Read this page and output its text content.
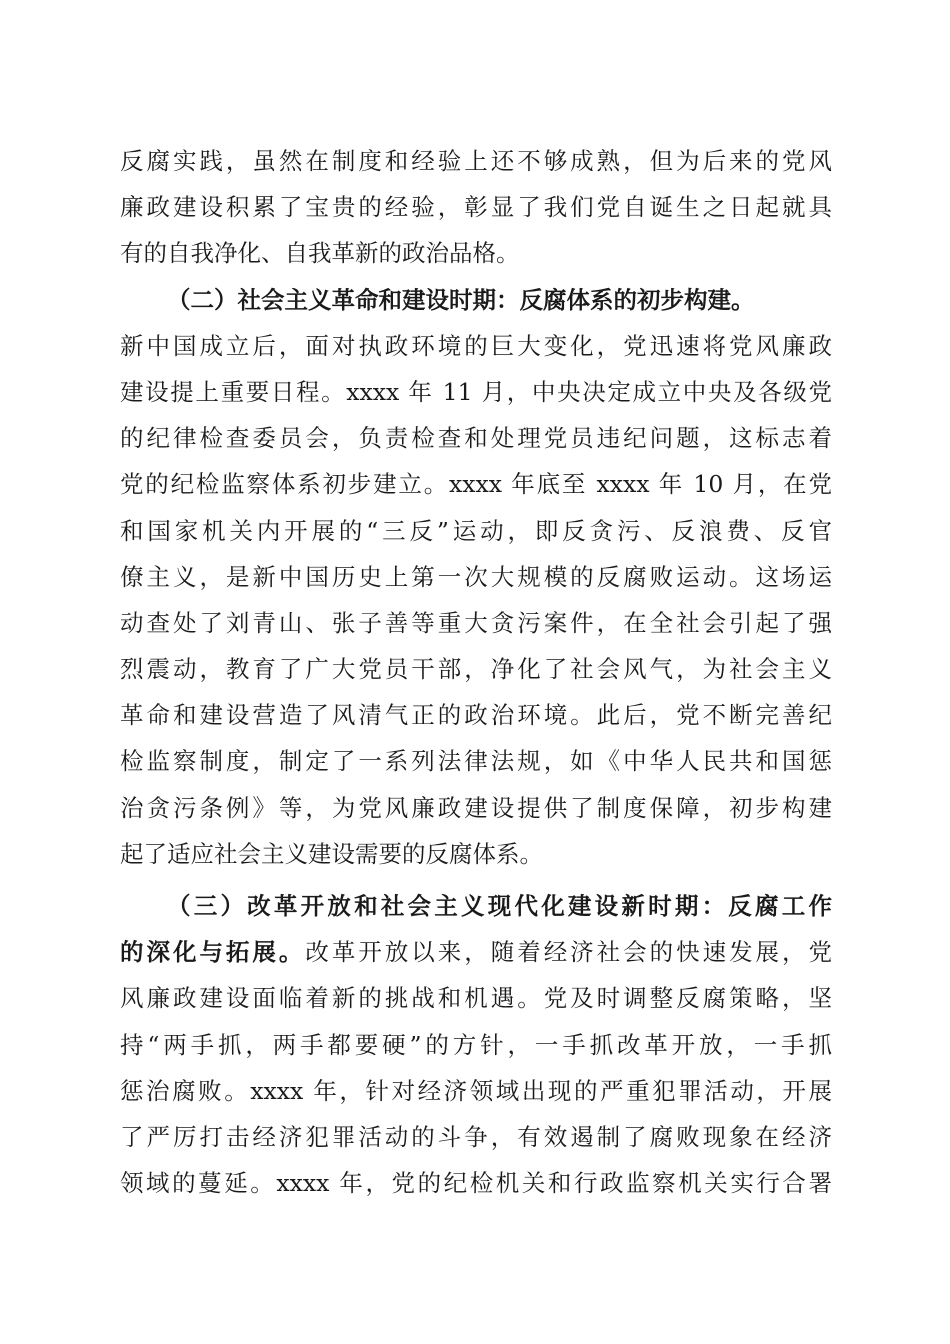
反腐实践，虽然在制度和经验上还不够成熟，但为后来的党风
廉政建设积累了宝贵的经验，彰显了我们党自诞生之日起就具
有的自我净化、自我革新的政治品格。
（二）社会主义革命和建设时期：反腐体系的初步构建。
新中国成立后，面对执政环境的巨大变化，党迅速将党风廉政
建设提上重要日程。xxxx 年 11 月，中央决定成立中央及各级党
的纪律检查委员会，负责检查和处理党员违纪问题，这标志着
党的纪检监察体系初步建立。xxxx 年底至 xxxx 年 10 月，在党
和国家机关内开展的“三反”运动，即反贪污、反浪费、反官
僚主义，是新中国历史上第一次大规模的反腐败运动。这场运
动查处了刘青山、张子善等重大贪污案件，在全社会引起了强
烈震动，教育了广大党员干部，净化了社会风气，为社会主义
革命和建设营造了风清气正的政治环境。此后，党不断完善纪
检监察制度，制定了一系列法律法规，如《中华人民共和国惩
治贪污条例》等，为党风廉政建设提供了制度保障，初步构建
起了适应社会主义建设需要的反腐体系。
（三）改革开放和社会主义现代化建设新时期：反腐工作
的深化与拓展。改革开放以来，随着经济社会的快速发展，党
风廉政建设面临着新的挑战和机遇。党及时调整反腐策略，坚
持“两手抓，两手都要硬”的方针，一手抓改革开放，一手抓
惩治腐败。xxxx 年，针对经济领域出现的严重犯罪活动，开展
了严厉打击经济犯罪活动的斗争，有效遏制了腐败现象在经济
领域的蔓延。xxxx 年，党的纪检机关和行政监察机关实行合署
